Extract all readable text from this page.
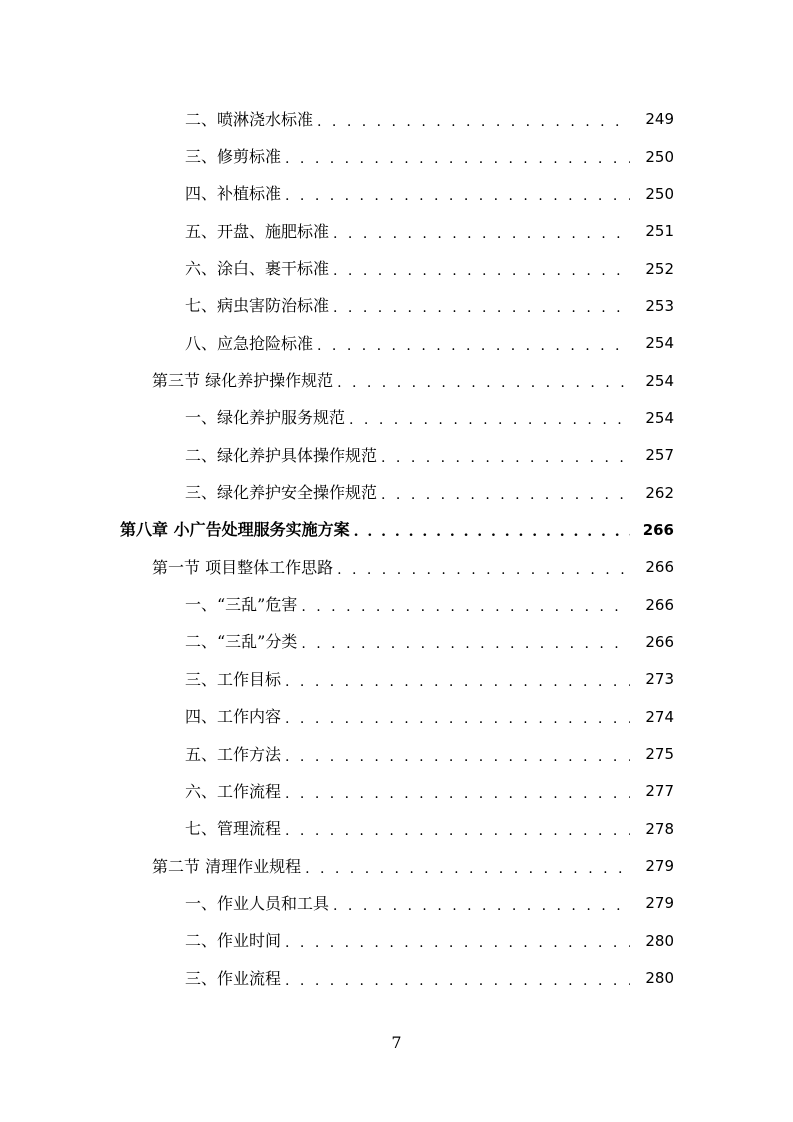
二、喷淋浇水标准 . . .	249
三、修剪标准 . . .	250
四、补植标准 . . .	250
五、开盘、施肥标准 . . .	251
六、涂白、裹干标准 . . .	252
七、病虫害防治标准 . . .	253
八、应急抢险标准 . . .	254
第三节 绿化养护操作规范 . . .	254
一、绿化养护服务规范 . . .	254
二、绿化养护具体操作规范 . . .	257
三、绿化养护安全操作规范 . . .	262
第八章 小广告处理服务实施方案 . . .	266
第一节 项目整体工作思路 . . .	266
一、“三乱”危害 . . .	266
二、“三乱”分类 . . .	266
三、工作目标 . . .	273
四、工作内容 . . .	274
五、工作方法 . . .	275
六、工作流程 . . .	277
七、管理流程 . . .	278
第二节 清理作业规程 . . .	279
一、作业人员和工具 . . .	279
二、作业时间 . . .	280
三、作业流程 . . .	280
7
